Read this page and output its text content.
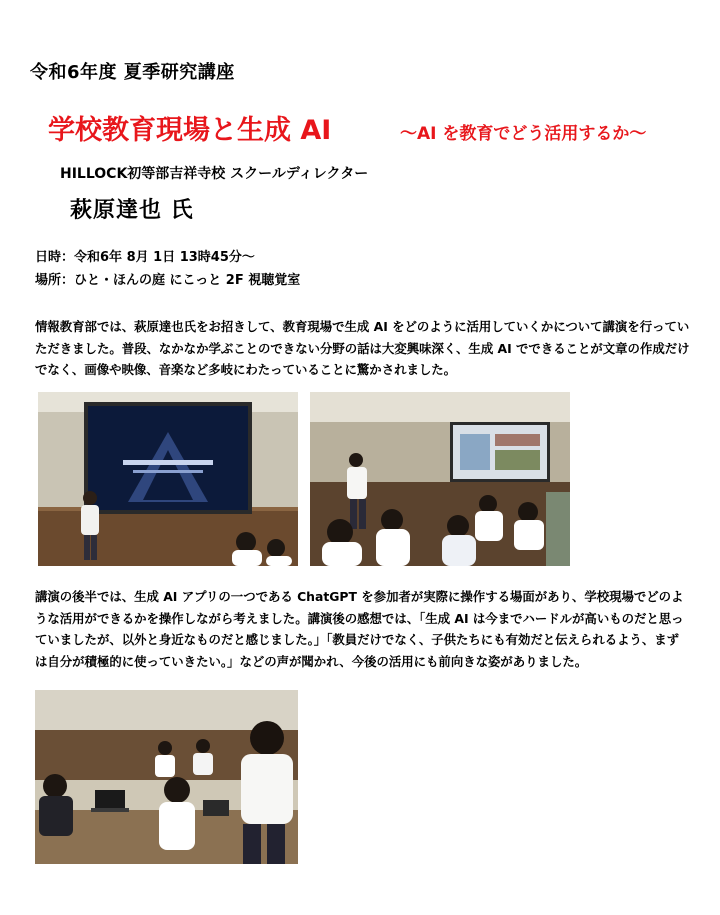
令和6年度 夏季研究講座
学校教育現場と生成 AI	〜AI を教育でどう活用するか〜
HILLOCK初等部吉祥寺校 スクールディレクター
萩原達也 氏
日時：令和6年 8月 1日 13時45分〜
場所：ひと・ほんの庭 にこっと 2F 視聴覚室
情報教育部では、萩原達也氏をお招きして、教育現場で生成 AI をどのように活用していくかについて講演を行っていただきました。普段、なかなか学ぶことのできない分野の話は大変興味深く、生成 AI でできることが文章の作成だけでなく、画像や映像、音楽など多岐にわたっていることに驚かされました。
講演の後半では、生成 AI アプリの一つである ChatGPT を参加者が実際に操作する場面があり、学校現場でどのような活用ができるかを操作しながら考えました。講演後の感想では、「生成 AI は今までハードルが高いものだと思っていましたが、以外と身近なものだと感じました。」「教員だけでなく、子供たちにも有効だと伝えられるよう、まずは自分が積極的に使っていきたい。」などの声が聞かれ、今後の活用にも前向きな姿がありました。
